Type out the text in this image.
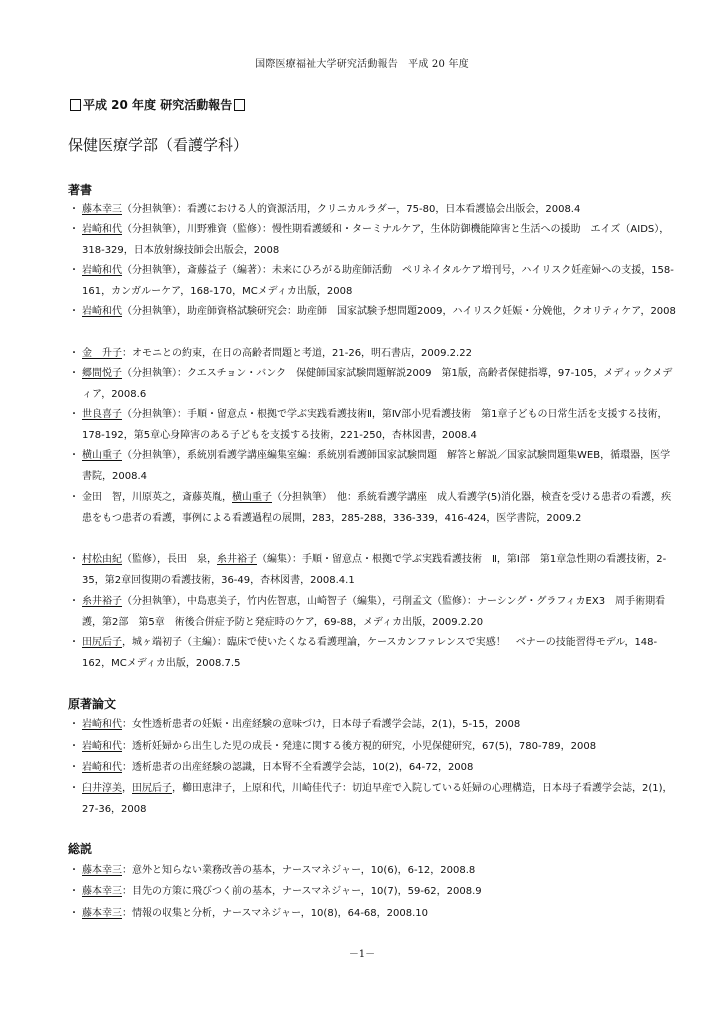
国際医療福祉大学研究活動報告　平成 20 年度
平成 20 年度 研究活動報告
保健医療学部（看護学科）
著書
・ 藤本幸三（分担執筆）：看護における人的資源活用，クリニカルラダー，75-80，日本看護協会出版会，2008.4
・ 岩崎和代（分担執筆），川野雅資（監修）：慢性期看護緩和・ターミナルケア，生体防御機能障害と生活への援助　エイズ（AIDS），318-329，日本放射線技師会出版会，2008
・ 岩崎和代（分担執筆），斎藤益子（編著）：未来にひろがる助産師活動　ペリネイタルケア増刊号，ハイリスク妊産婦への支援，158-161，カンガルーケア，168-170，MCメディカ出版，2008
・ 岩崎和代（分担執筆），助産師資格試験研究会：助産師　国家試験予想問題2009，ハイリスク妊娠・分娩他，クオリティケア，2008
・ 金　升子：オモニとの約束，在日の高齢者問題と考道，21-26，明石書店，2009.2.22
・ 郷間悦子（分担執筆）：クエスチョン・バンク　保健師国家試験問題解説2009　第1版，高齢者保健指導，97-105，メディックメディア，2008.6
・ 世良喜子（分担執筆）：手順・留意点・根拠で学ぶ実践看護技術Ⅱ，第Ⅳ部小児看護技術　第1章子どもの日常生活を支援する技術，178-192，第5章心身障害のある子どもを支援する技術，221-250，杏林図書，2008.4
・ 横山重子（分担執筆），系統別看護学講座編集室編：系統別看護師国家試験問題　解答と解説／国家試験問題集WEB，循環器，医学書院，2008.4
・ 金田　智，川原英之，斎藤英胤，横山重子（分担執筆）　他：系統看護学講座　成人看護学(5)消化器，検査を受ける患者の看護，疾患をもつ患者の看護，事例による看護過程の展開，283，285-288，336-339，416-424，医学書院，2009.2
・ 村松由紀（監修），長田　泉，糸井裕子（編集）：手順・留意点・根拠で学ぶ実践看護技術　Ⅱ，第Ⅰ部　第1章急性期の看護技術，2-35，第2章回復期の看護技術，36-49，杏林図書，2008.4.1
・ 糸井裕子（分担執筆），中島恵美子，竹内佐智恵，山崎智子（編集），弓削孟文（監修）：ナーシング・グラフィカEX3　周手術期看護，第2部　第5章　術後合併症予防と発症時のケア，69-88，メディカ出版，2009.2.20
・ 田尻后子，城ヶ端初子（主編）：臨床で使いたくなる看護理論，ケースカンファレンスで実感！　ベナーの技能習得モデル，148-162，MCメディカ出版，2008.7.5
原著論文
・ 岩崎和代：女性透析患者の妊娠・出産経験の意味づけ，日本母子看護学会誌，2(1)，5-15，2008
・ 岩崎和代：透析妊婦から出生した児の成長・発達に関する後方視的研究，小児保健研究，67(5)，780-789，2008
・ 岩崎和代：透析患者の出産経験の認識，日本腎不全看護学会誌，10(2)，64-72，2008
・ 臼井淳美，田尻后子，櫛田恵津子，上原和代，川崎佳代子：切迫早産で入院している妊婦の心理構造，日本母子看護学会誌，2(1)，27-36，2008
総説
・ 藤本幸三：意外と知らない業務改善の基本，ナースマネジャー，10(6)，6-12，2008.8
・ 藤本幸三：目先の方策に飛びつく前の基本，ナースマネジャー，10(7)，59-62，2008.9
・ 藤本幸三：情報の収集と分析，ナースマネジャー，10(8)，64-68，2008.10
－1－
